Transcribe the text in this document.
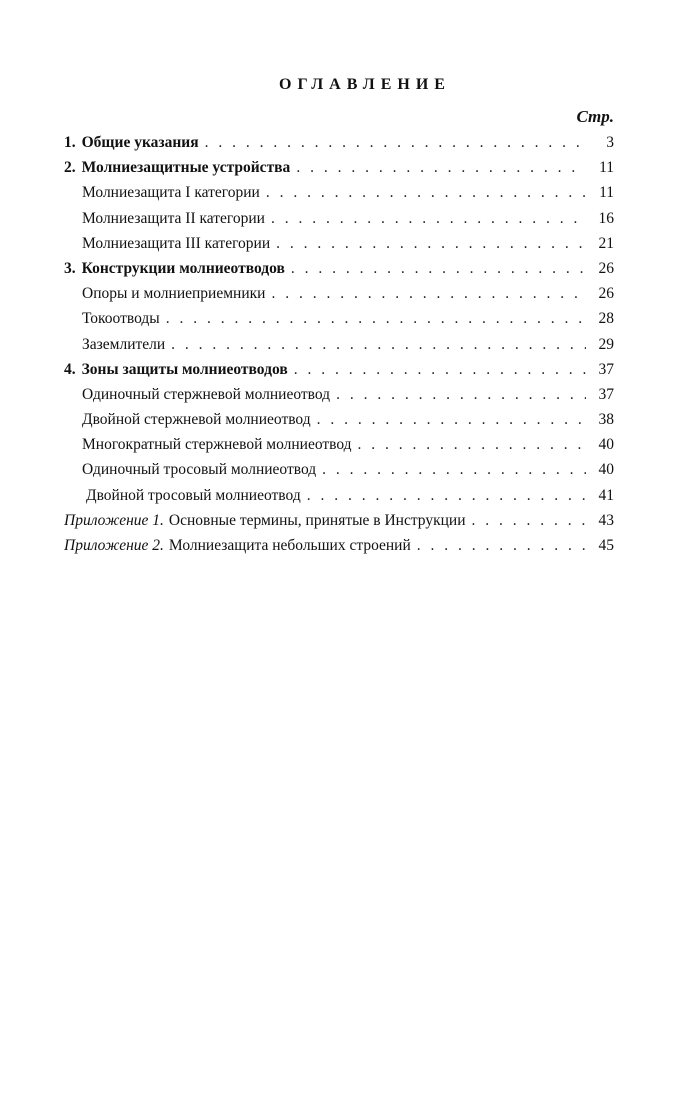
ОГЛАВЛЕНИЕ
Стр.
1. Общие указания . . .	3
2. Молниезащитные устройства . . .	11
Молниезащита I категории . . .	11
Молниезащита II категории . . .	16
Молниезащита III категории . . .	21
3. Конструкции молниеотводов . . .	26
Опоры и молниеприемники . . .	26
Токоотводы . . .	28
Заземлители . . .	29
4. Зоны защиты молниеотводов . . .	37
Одиночный стержневой молниеотвод . . .	37
Двойной стержневой молниеотвод . . .	38
Многократный стержневой молниеотвод . . .	40
Одиночный тросовый молниеотвод . . .	40
Двойной тросовый молниеотвод . . .	41
Приложение 1. Основные термины, принятые в Инструкции . . .	43
Приложение 2. Молниезащита небольших строений . . .	45
